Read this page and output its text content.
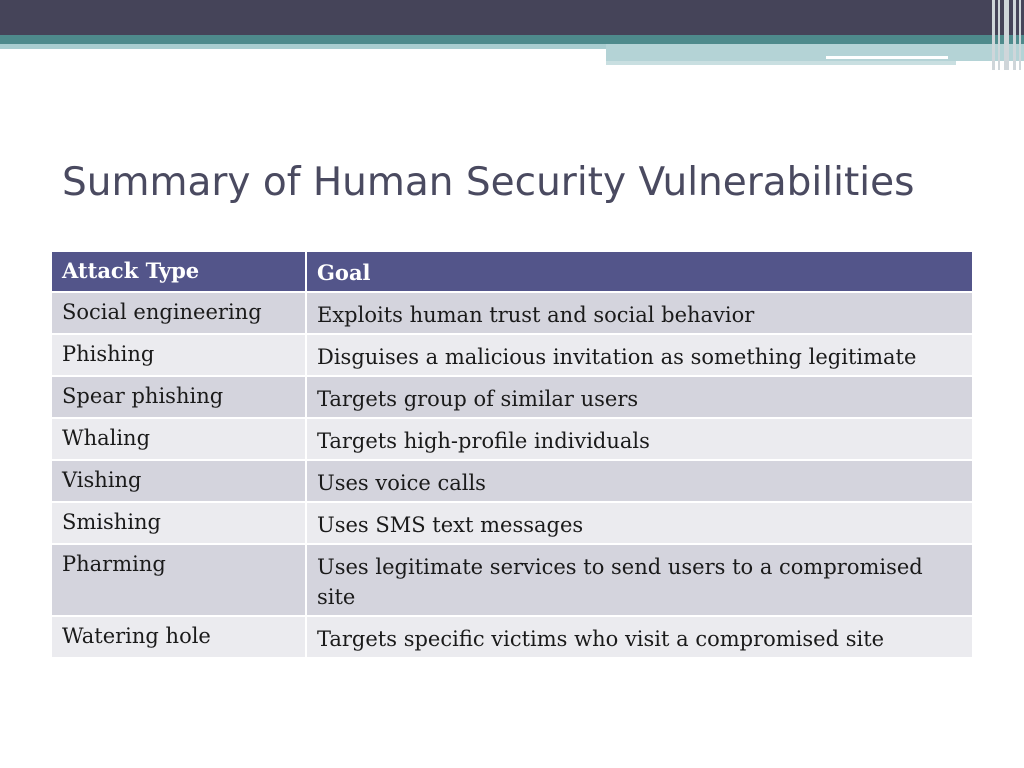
Summary of Human Security Vulnerabilities
Attack Type	Goal
Social engineering	Exploits human trust and social behavior
Phishing	Disguises a malicious invitation as something legitimate
Spear phishing	Targets group of similar users
Whaling	Targets high-profile individuals
Vishing	Uses voice calls
Smishing	Uses SMS text messages
Pharming	Uses legitimate services to send users to a compromised site
Watering hole	Targets specific victims who visit a compromised site
